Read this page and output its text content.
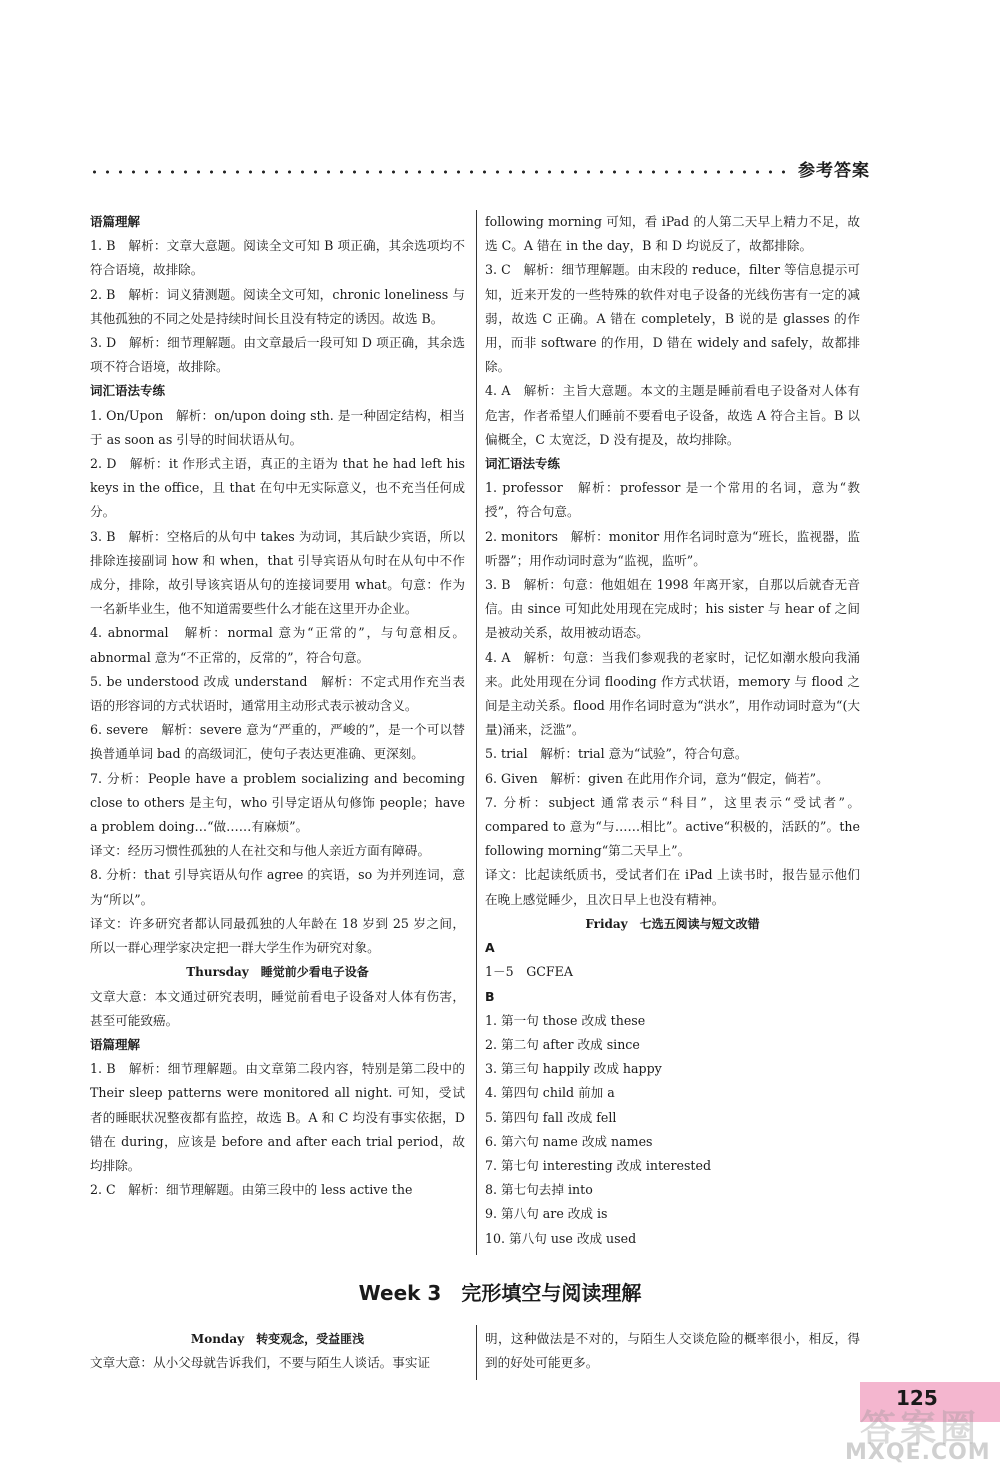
参考答案

语篇理解

1. B　解析：文章大意题。阅读全文可知 B 项正确，其余选项均不符合语境，故排除。

2. B　解析：词义猜测题。阅读全文可知，chronic loneliness 与其他孤独的不同之处是持续时间长且没有特定的诱因。故选 B。

3. D　解析：细节理解题。由文章最后一段可知 D 项正确，其余选项不符合语境，故排除。

词汇语法专练

1. On/Upon　解析：on/upon doing sth. 是一种固定结构，相当于 as soon as 引导的时间状语从句。

2. D　解析：it 作形式主语，真正的主语为 that he had left his keys in the office，且 that 在句中无实际意义，也不充当任何成分。

3. B　解析：空格后的从句中 takes 为动词，其后缺少宾语，所以排除连接副词 how 和 when，that 引导宾语从句时在从句中不作成分，排除，故引导该宾语从句的连接词要用 what。句意：作为一名新毕业生，他不知道需要些什么才能在这里开办企业。

4. abnormal　解析：normal 意为“正常的”，与句意相反。abnormal 意为“不正常的，反常的”，符合句意。

5. be understood 改成 understand　解析：不定式用作充当表语的形容词的方式状语时，通常用主动形式表示被动含义。

6. severe　解析：severe 意为“严重的，严峻的”，是一个可以替换普通单词 bad 的高级词汇，使句子表达更准确、更深刻。

7. 分析：People have a problem socializing and becoming close to others 是主句，who 引导定语从句修饰 people；have a problem doing…“做……有麻烦”。

译文：经历习惯性孤独的人在社交和与他人亲近方面有障碍。

8. 分析：that 引导宾语从句作 agree 的宾语，so 为并列连词，意为“所以”。

译文：许多研究者都认同最孤独的人年龄在 18 岁到 25 岁之间，所以一群心理学家决定把一群大学生作为研究对象。

Thursday　睡觉前少看电子设备

文章大意：本文通过研究表明，睡觉前看电子设备对人体有伤害，甚至可能致癌。

语篇理解

1. B　解析：细节理解题。由文章第二段内容，特别是第二段中的 Their sleep patterns were monitored all night. 可知，受试者的睡眠状况整夜都有监控，故选 B。A 和 C 均没有事实依据，D 错在 during，应该是 before and after each trial period，故均排除。

2. C　解析：细节理解题。由第三段中的 less active the

following morning 可知，看 iPad 的人第二天早上精力不足，故选 C。A 错在 in the day，B 和 D 均说反了，故都排除。

3. C　解析：细节理解题。由末段的 reduce，filter 等信息提示可知，近来开发的一些特殊的软件对电子设备的光线伤害有一定的减弱，故选 C 正确。A 错在 completely，B 说的是 glasses 的作用，而非 software 的作用，D 错在 widely and safely，故都排除。

4. A　解析：主旨大意题。本文的主题是睡前看电子设备对人体有危害，作者希望人们睡前不要看电子设备，故选 A 符合主旨。B 以偏概全，C 太宽泛，D 没有提及，故均排除。

词汇语法专练

1. professor　解析：professor 是一个常用的名词，意为“教授”，符合句意。

2. monitors　解析：monitor 用作名词时意为“班长，监视器，监听器”；用作动词时意为“监视，监听”。

3. B　解析：句意：他姐姐在 1998 年离开家，自那以后就杳无音信。由 since 可知此处用现在完成时；his sister 与 hear of 之间是被动关系，故用被动语态。

4. A　解析：句意：当我们参观我的老家时，记忆如潮水般向我涌来。此处用现在分词 flooding 作方式状语，memory 与 flood 之间是主动关系。flood 用作名词时意为“洪水”，用作动词时意为“(大量)涌来，泛滥”。

5. trial　解析：trial 意为“试验”，符合句意。

6. Given　解析：given 在此用作介词，意为“假定，倘若”。

7. 分析：subject 通常表示“科目”，这里表示“受试者”。compared to 意为“与……相比”。active“积极的，活跃的”。the following morning“第二天早上”。

译文：比起读纸质书，受试者们在 iPad 上读书时，报告显示他们在晚上感觉睡少，且次日早上也没有精神。

Friday　七选五阅读与短文改错

A

1－5　GCFEA

B

1. 第一句 those 改成 these

2. 第二句 after 改成 since

3. 第三句 happily 改成 happy

4. 第四句 child 前加 a

5. 第四句 fall 改成 fell

6. 第六句 name 改成 names

7. 第七句 interesting 改成 interested

8. 第七句去掉 into

9. 第八句 are 改成 is

10. 第八句 use 改成 used

Week 3　完形填空与阅读理解

Monday　转变观念，受益匪浅

文章大意：从小父母就告诉我们，不要与陌生人谈话。事实证

明，这种做法是不对的，与陌生人交谈危险的概率很小，相反，得到的好处可能更多。

125
答案圈
MXQE.COM
